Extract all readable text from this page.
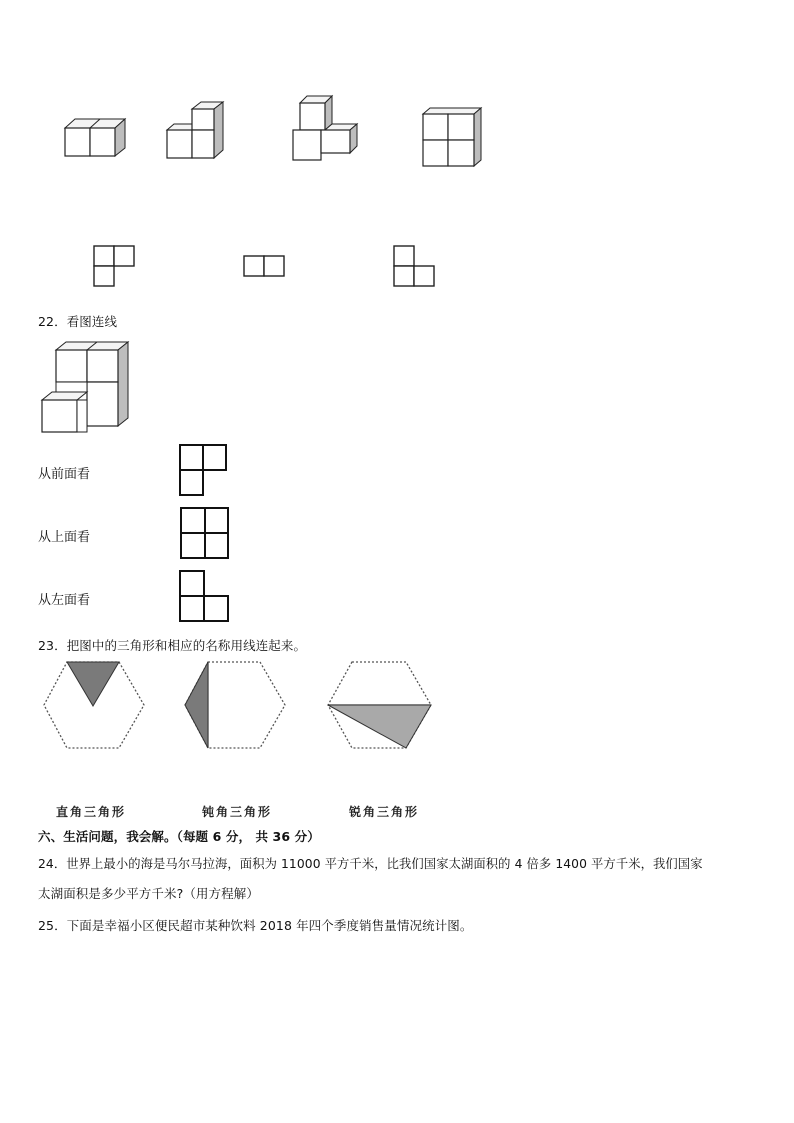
22．看图连线
从前面看
从上面看
从左面看
23．把图中的三角形和相应的名称用线连起来。
直角三角形	钝角三角形	锐角三角形
六、生活问题，我会解。（每题 6 分， 共 36 分）
24．世界上最小的海是马尔马拉海，面积为 11000 平方千米，比我们国家太湖面积的 4 倍多 1400 平方千米，我们国家
太湖面积是多少平方千米?（用方程解）
25．下面是幸福小区便民超市某种饮料 2018 年四个季度销售量情况统计图。
